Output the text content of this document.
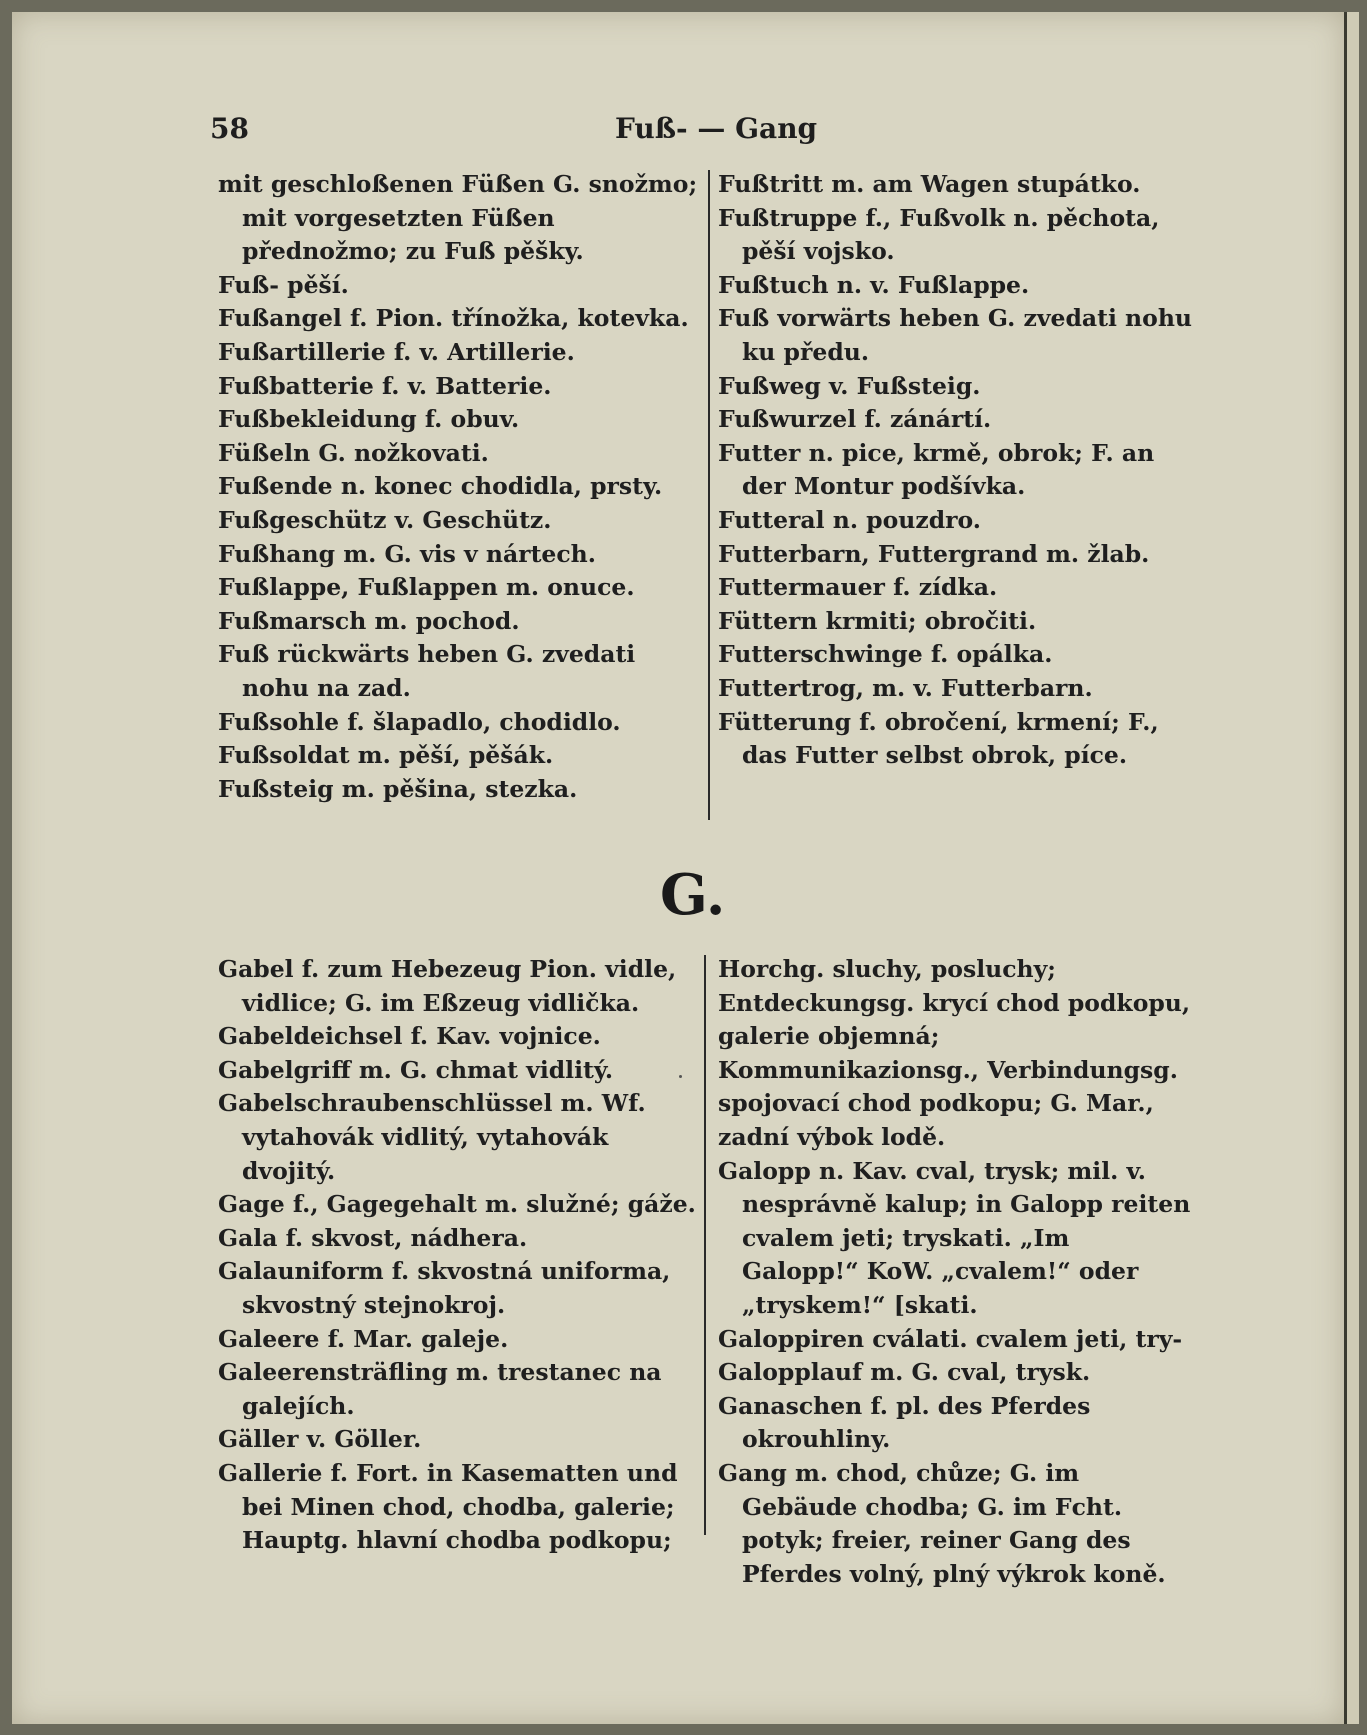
58	Fuß- — Gang

mit geschloßenen Füßen G. snožmo; mit vorgesetzten Füßen přednožmo; zu Fuß pěšky.

Fuß- pěší.

Fußangel f. Pion. třínožka, kotevka.

Fußartillerie f. v. Artillerie.

Fußbatterie f. v. Batterie.

Fußbekleidung f. obuv.

Füßeln G. nožkovati.

Fußende n. konec chodidla, prsty.

Fußgeschütz v. Geschütz.

Fußhang m. G. vis v nártech.

Fußlappe, Fußlappen m. onuce.

Fußmarsch m. pochod.

Fuß rückwärts heben G. zvedati nohu na zad.

Fußsohle f. šlapadlo, chodidlo.

Fußsoldat m. pěší, pěšák.

Fußsteig m. pěšina, stezka.

Fußtritt m. am Wagen stupátko.

Fußtruppe f., Fußvolk n. pěchota, pěší vojsko.

Fußtuch n. v. Fußlappe.

Fuß vorwärts heben G. zvedati nohu ku předu.

Fußweg v. Fußsteig.

Fußwurzel f. zánártí.

Futter n. pice, krmě, obrok; F. an der Montur podšívka.

Futteral n. pouzdro.

Futterbarn, Futtergrand m. žlab.

Futtermauer f. zídka.

Füttern krmiti; obročiti.

Futterschwinge f. opálka.

Futtertrog, m. v. Futterbarn.

Fütterung f. obročení, krmení; F., das Futter selbst obrok, píce.

G.

Gabel f. zum Hebezeug Pion. vidle, vidlice; G. im Eßzeug vidlička.

Gabeldeichsel f. Kav. vojnice.

Gabelgriff m. G. chmat vidlitý.

Gabelschraubenschlüssel m. Wf. vytahovák vidlitý, vytahovák dvojitý.

Gage f., Gagegehalt m. služné; gáže.

Gala f. skvost, nádhera.

Galauniform f. skvostná uniforma, skvostný stejnokroj.

Galeere f. Mar. galeje.

Galeerensträfling m. trestanec na galejích.

Gäller v. Göller.

Gallerie f. Fort. in Kasematten und bei Minen chod, chodba, galerie; Hauptg. hlavní chodba podkopu;

Horchg. sluchy, posluchy; Entdeckungsg. krycí chod podkopu, galerie objemná; Kommunikazionsg., Verbindungsg. spojovací chod podkopu; G. Mar., zadní výbok lodě.

Galopp n. Kav. cval, trysk; mil. v. nesprávně kalup; in Galopp reiten cvalem jeti; tryskati. „Im Galopp!“ KoW. „cvalem!“ oder „tryskem!“ [skati.

Galoppiren cválati. cvalem jeti, try-

Galopplauf m. G. cval, trysk.

Ganaschen f. pl. des Pferdes okrouhliny.

Gang m. chod, chůze; G. im Gebäude chodba; G. im Fcht. potyk; freier, reiner Gang des Pferdes volný, plný výkrok koně.
